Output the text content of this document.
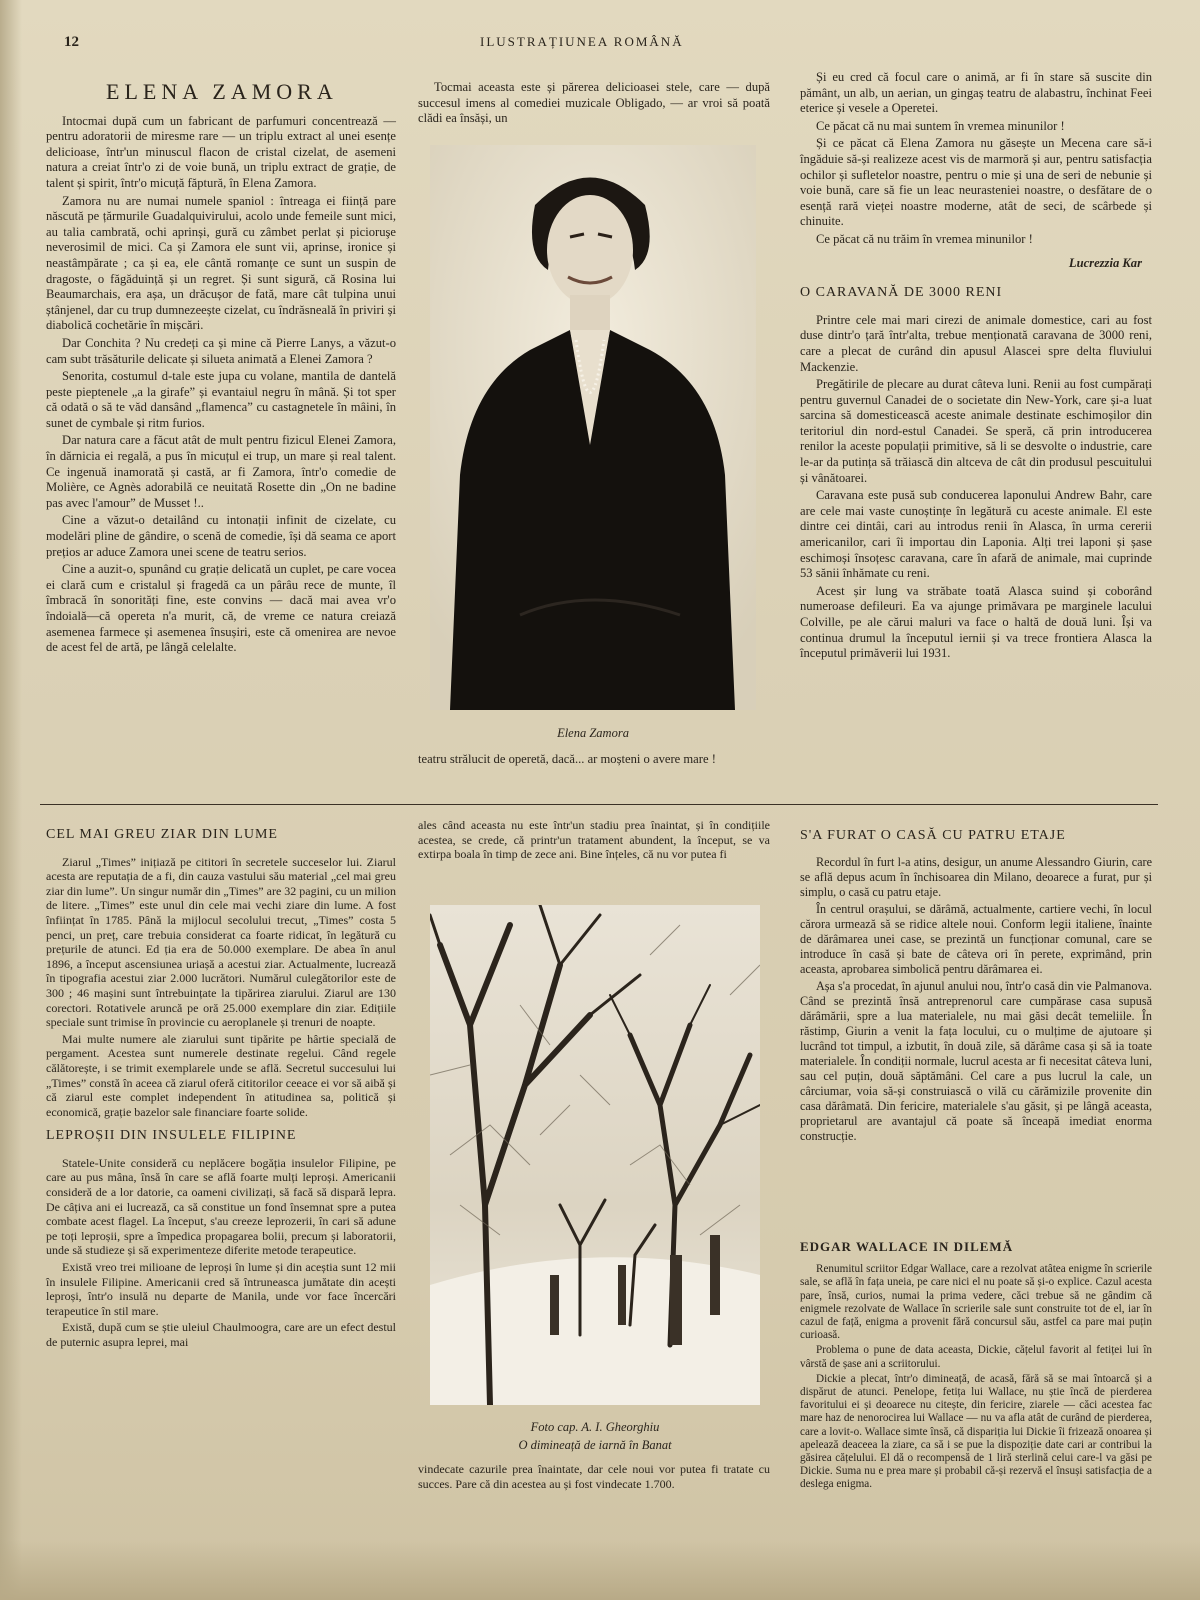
12	ILUSTRAȚIUNEA ROMÂNĂ
ELENA ZAMORA

Intocmai după cum un fabricant de parfumuri concentrează — pentru adoratorii de miresme rare — un triplu extract al unei esențe delicioase, într'un minuscul flacon de cristal cizelat, de asemeni natura a creiat într'o zi de voie bună, un triplu extract de grație, de talent și spirit, într'o micuță făptură, în Elena Zamora.

Zamora nu are numai numele spaniol : întreaga ei ființă pare născută pe țărmurile Guadalquivirului, acolo unde femeile sunt mici, au talia cambrată, ochi aprinși, gură cu zâmbet perlat și picioruşe neverosimil de mici. Ca și Zamora ele sunt vii, aprinse, ironice și neastâmpărate ; ca și ea, ele cântă romanțe ce sunt un suspin de dragoste, o făgăduință și un regret. Și sunt sigură, că Rosina lui Beaumarchais, era așa, un drăcușor de fată, mare cât tulpina unui ștânjenel, dar cu trup dumnezeește cizelat, cu îndrăsneală în priviri și diabolică cochetărie în mișcări.

Dar Conchita ? Nu credeți ca și mine că Pierre Lanys, a văzut-o cam subt trăsăturile delicate și silueta animată a Elenei Zamora ?

Senorita, costumul d-tale este jupa cu volane, mantila de dantelă peste pieptenele „a la girafe” și evantaiul negru în mână. Și tot sper că odată o să te văd dansând „flamenca” cu castagnetele în mâini, în sunet de cymbale și ritm furios.

Dar natura care a făcut atât de mult pentru fizicul Elenei Zamora, în dărnicia ei regală, a pus în micuțul ei trup, un mare și real talent. Ce ingenuă inamorată și castă, ar fi Zamora, într'o comedie de Molière, ce Agnès adorabilă ce neuitată Rosette din „On ne badine pas avec l'amour” de Musset !..

Cine a văzut-o detailând cu intonații infinit de cizelate, cu modelări pline de gândire, o scenă de comedie, își dă seama ce aport prețios ar aduce Zamora unei scene de teatru serios.

Cine a auzit-o, spunând cu grație delicată un cuplet, pe care vocea ei clară cum e cristalul și fragedă ca un pârâu rece de munte, îl îmbracă în sonorități fine, este convins — dacă mai avea vr'o îndoială—că opereta n'a murit, că, de vreme ce natura creiază asemenea farmece și asemenea însușiri, este că omenirea are nevoe de acest fel de artă, pe lângă celelalte.

Tocmai aceasta este și părerea delicioasei stele, care — după succesul imens al comediei muzicale Obligado, — ar vroi să poată clădi ea însăși, un

Elena Zamora

teatru strălucit de operetă, dacă... ar moșteni o avere mare !

Și eu cred că focul care o animă, ar fi în stare să suscite din pământ, un alb, un aerian, un gingaș teatru de alabastru, închinat Feei eterice și vesele a Operetei.

Ce păcat că nu mai suntem în vremea minunilor !

Și ce păcat că Elena Zamora nu găsește un Mecena care să-i îngăduie să-și realizeze acest vis de marmoră și aur, pentru satisfacția ochilor și sufletelor noastre, pentru o mie și una de seri de nebunie și voie bună, care să fie un leac neurasteniei noastre, o desfătare de o esență rară vieței noastre moderne, atât de seci, de scârbede și chinuite.

Ce păcat că nu trăim în vremea minunilor !

Lucrezzia Kar
O CARAVANĂ DE 3000 RENI

Printre cele mai mari cirezi de animale domestice, cari au fost duse dintr'o țară într'alta, trebue menționată caravana de 3000 reni, care a plecat de curând din apusul Alascei spre delta fluviului Mackenzie.

Pregătirile de plecare au durat câteva luni. Renii au fost cumpărați pentru guvernul Canadei de o societate din New-York, care și-a luat sarcina să domesticească aceste animale destinate eschimoșilor din teritoriul din nord-estul Canadei. Se speră, că prin introducerea renilor la aceste populații primitive, să li se desvolte o industrie, care le-ar da putința să trăiască din altceva de cât din produsul pescuitului și vânătoarei.

Caravana este pusă sub conducerea laponului Andrew Bahr, care are cele mai vaste cunoștințe în legătură cu aceste animale. El este dintre cei dintâi, cari au introdus renii în Alasca, în urma cererii americanilor, cari îi importau din Laponia. Alți trei laponi și șase eschimoși însoțesc caravana, care în afară de animale, mai cuprinde 53 sănii înhămate cu reni.

Acest șir lung va străbate toată Alasca suind și coborând numeroase defileuri. Ea va ajunge primăvara pe marginele lacului Colville, pe ale cărui maluri va face o haltă de două luni. Își va continua drumul la începutul iernii și va trece frontiera Alasca la începutul primăverii lui 1931.

CEL MAI GREU ZIAR DIN LUME

Ziarul „Times” inițiază pe cititori în secretele succeselor lui. Ziarul acesta are reputația de a fi, din cauza vastului său material „cel mai greu ziar din lume”. Un singur număr din „Times” are 32 pagini, cu un milion de litere. „Times” este unul din cele mai vechi ziare din lume. A fost înființat în 1785. Până la mijlocul secolului trecut, „Times” costa 5 penci, un preț, care trebuia considerat ca foarte ridicat, în legătură cu prețurile de atunci. Ed ția era de 50.000 exemplare. De abea în anul 1896, a început ascensiunea uriașă a acestui ziar. Actualmente, lucrează în tipografia acestui ziar 2.000 lucrători. Numărul culegătorilor este de 300 ; 46 mașini sunt întrebuințate la tipărirea ziarului. Ziarul are 130 corectori. Rotativele aruncă pe oră 25.000 exemplare din ziar. Edițiile speciale sunt trimise în provincie cu aeroplanele și trenuri de noapte.

Mai multe numere ale ziarului sunt tipărite pe hârtie specială de pergament. Acestea sunt numerele destinate regelui. Când regele călătorește, i se trimit exemplarele unde se află. Secretul succesului lui „Times” constă în aceea că ziarul oferă cititorilor ceeace ei vor să aibă și că ziarul este complet independent în atitudinea sa, politică și economică, grație bazelor sale financiare foarte solide.

LEPROȘII DIN INSULELE FILIPINE

Statele-Unite consideră cu neplăcere bogăția insulelor Filipine, pe care au pus mâna, însă în care se află foarte mulți leproși. Americanii consideră de a lor datorie, ca oameni civilizați, să facă să dispară lepra. De câțiva ani ei lucrează, ca să constitue un fond însemnat spre a putea combate acest flagel. La început, s'au creeze leprozerii, în cari să adune pe toți leproșii, spre a împedica propagarea bolii, precum și laboratorii, unde să studieze și să experimenteze diferite metode terapeutice.

Există vreo trei milioane de leproși în lume și din aceștia sunt 12 mii în insulele Filipine. Americanii cred să întruneasca jumătate din acești leproși, într'o insulă nu departe de Manila, unde vor face încercări terapeutice în stil mare.

Există, după cum se știe uleiul Chaulmoogra, care are un efect destul de puternic asupra leprei, mai

ales când aceasta nu este într'un stadiu prea înaintat, și în condițiile acestea, se crede, că printr'un tratament abundent, la început, se va extirpa boala în timp de zece ani. Bine înțeles, că nu vor putea fi

Foto cap. A. I. Gheorghiu
O dimineață de iarnă în Banat

vindecate cazurile prea înaintate, dar cele noui vor putea fi tratate cu succes. Pare că din acestea au și fost vindecate 1.700.

S'A FURAT O CASĂ CU PATRU ETAJE

Recordul în furt l-a atins, desigur, un anume Alessandro Giurin, care se află depus acum în închisoarea din Milano, deoarece a furat, pur și simplu, o casă cu patru etaje.

În centrul orașului, se dărâmă, actualmente, cartiere vechi, în locul cărora urmează să se ridice altele noui. Conform legii italiene, înainte de dărâmarea unei case, se prezintă un funcționar comunal, care se introduce în casă și bate de câteva ori în perete, exprimând, prin aceasta, aprobarea simbolică pentru dărâmarea ei.

Așa s'a procedat, în ajunul anului nou, într'o casă din vie Palmanova. Când se prezintă însă antreprenorul care cumpărase casa supusă dărâmării, spre a lua materialele, nu mai găsi decât temeliile. În răstimp, Giurin a venit la fața locului, cu o mulțime de ajutoare și lucrând tot timpul, a izbutit, în două zile, să dărâme casa și să ia toate materialele. În condiții normale, lucrul acesta ar fi necesitat câteva luni, sau cel puțin, două săptămâni. Cel care a pus lucrul la cale, un cârciumar, voia să-și construiască o vilă cu cărămizile provenite din casa dărâmată. Din fericire, materialele s'au găsit, și pe lângă aceasta, proprietarul are avantajul că poate să înceapă imediat enorma construcție.

EDGAR WALLACE IN DILEMĂ

Renumitul scriitor Edgar Wallace, care a rezolvat atâtea enigme în scrierile sale, se află în fața uneia, pe care nici el nu poate să și-o explice. Cazul acesta pare, însă, curios, numai la prima vedere, căci trebue să ne gândim că enigmele rezolvate de Wallace în scrierile sale sunt construite tot de el, iar în cazul de față, enigma a provenit fără concursul său, astfel ca pare mai puțin curioasă.

Problema o pune de data aceasta, Dickie, cățelul favorit al fetiței lui în vârstă de șase ani a scriitorului.

Dickie a plecat, într'o dimineață, de acasă, fără să se mai întoarcă și a dispărut de atunci. Penelope, fetița lui Wallace, nu știe încă de pierderea favoritului ei și deoarece nu citește, din fericire, ziarele — căci acestea fac mare haz de nenorocirea lui Wallace — nu va afla atât de curând de pierderea, care a lovit-o. Wallace simte însă, că dispariția lui Dickie îi frizează onoarea și apelează deaceea la ziare, ca să i se pue la dispoziție date cari ar contribui la găsirea cățelului. El dă o recompensă de 1 liră sterlină celui care-l va găsi pe Dickie. Suma nu e prea mare și probabil că-și rezervă el însuși satisfacția de a deslega enigma.
